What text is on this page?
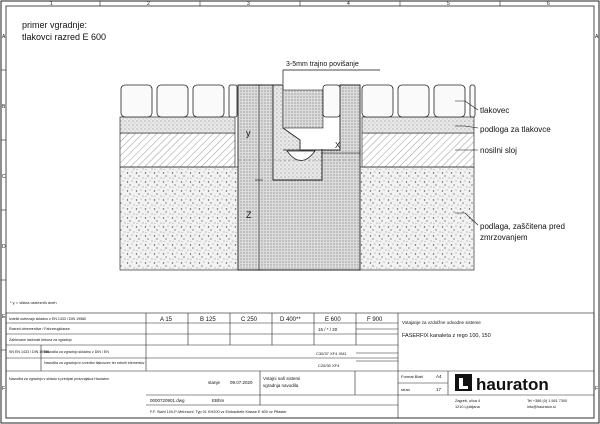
1	2	3	4	5	6
A
B
C
D
E
F
A
F
primer vgradnje:
tlakovci razred E 600
3-5mm trajno povišanje
y
Z
X
tlakovec
podloga za tlakovce
nosilni sloj
podlaga, zaščitena pred
zmrzovanjem
* y = višina ustreznih dveh
Izdelki ustrezajo skladno z EN 1433 / DIN 19580
Razred obremenitve / Fahrzeugklasse
Zahtevane lastnosti betona za vgradnjo
SN EN 1433 / DIN 19580
Navodila za vgradnjo skladno z DIN / EN
Navodila za vgradnjo in izvedbo tlakovcev ter robnih elementov
Navodila za vgradnjo v skladu s predpisi proizvajalca Hauraton
A 15	B 125	C 250	D 400**	E 600	F 900
15 / * / 20
C30/37 XF4 XM1
C25/30 XF4
Vstajanje za vzdolžne odvodne sisteme
FASERFIX kanaleta z rego 100, 150
stanje 09.07.2020
Vstajni naš sistemi
vgradnja navodila
0000720901.dwg	EBhm
Format Blatt	A4
stran	17
F.F. Stahl 100-P-Mehrschl. Typ 01 KH200 vz Einbautiefe Klasse E 600 vz Pflaster
hauraton
Zagreb, ulica 4
1210 Ljubljana
Tel +386 (0) 1 561 7300
info@hauraton.si
